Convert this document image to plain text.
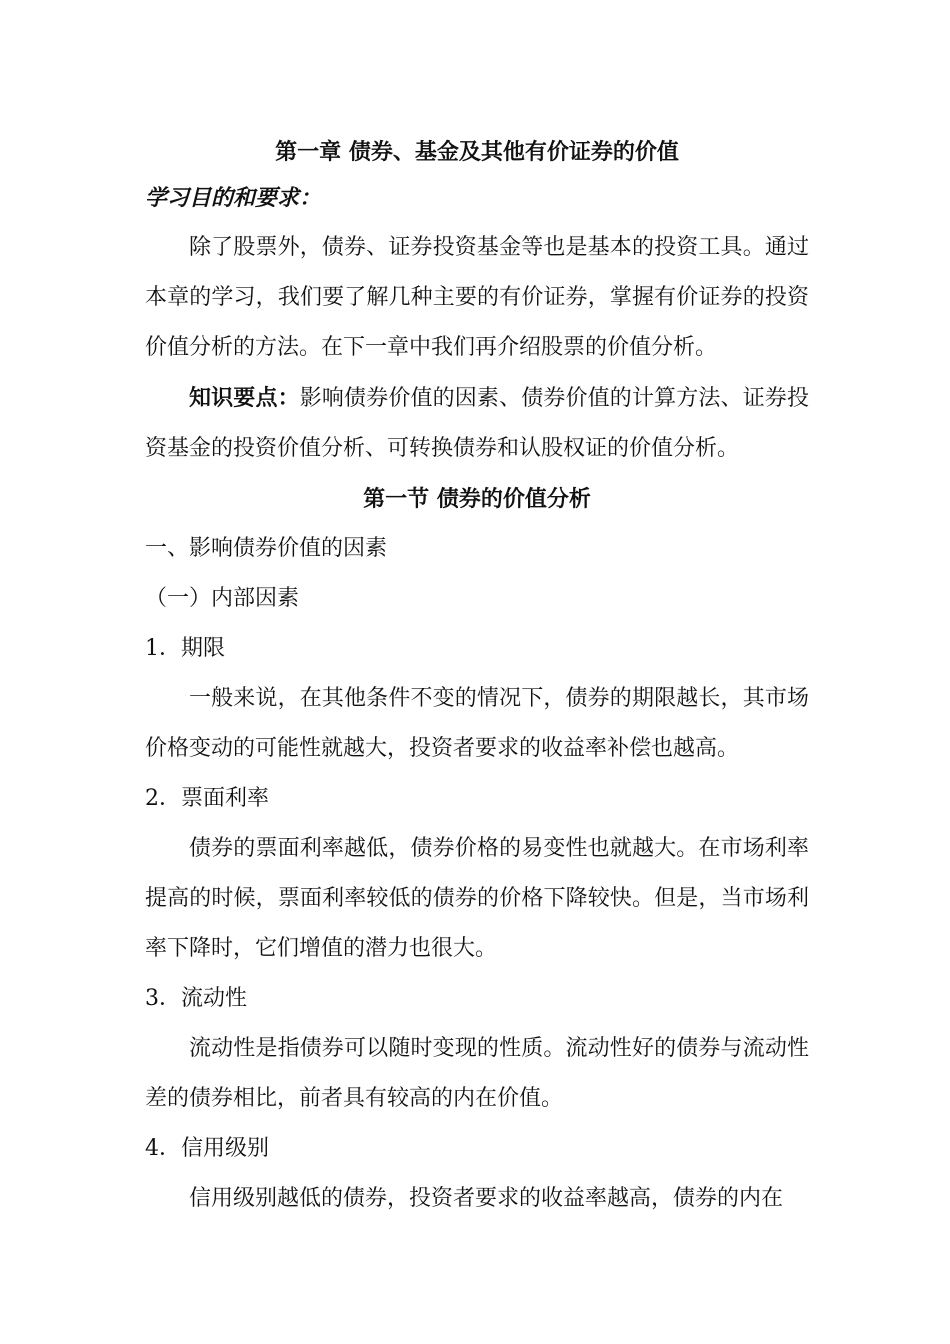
第一章 债券、基金及其他有价证券的价值
学习目的和要求：

除了股票外，债券、证券投资基金等也是基本的投资工具。通过本章的学习，我们要了解几种主要的有价证券，掌握有价证券的投资价值分析的方法。在下一章中我们再介绍股票的价值分析。

知识要点：影响债券价值的因素、债券价值的计算方法、证券投资基金的投资价值分析、可转换债券和认股权证的价值分析。

第一节 债券的价值分析
一、影响债券价值的因素
（一）内部因素
1．期限

一般来说，在其他条件不变的情况下，债券的期限越长，其市场价格变动的可能性就越大，投资者要求的收益率补偿也越高。

2．票面利率

债券的票面利率越低，债券价格的易变性也就越大。在市场利率提高的时候，票面利率较低的债券的价格下降较快。但是，当市场利率下降时，它们增值的潜力也很大。

3．流动性

流动性是指债券可以随时变现的性质。流动性好的债券与流动性差的债券相比，前者具有较高的内在价值。

4．信用级别

信用级别越低的债券，投资者要求的收益率越高，债券的内在
